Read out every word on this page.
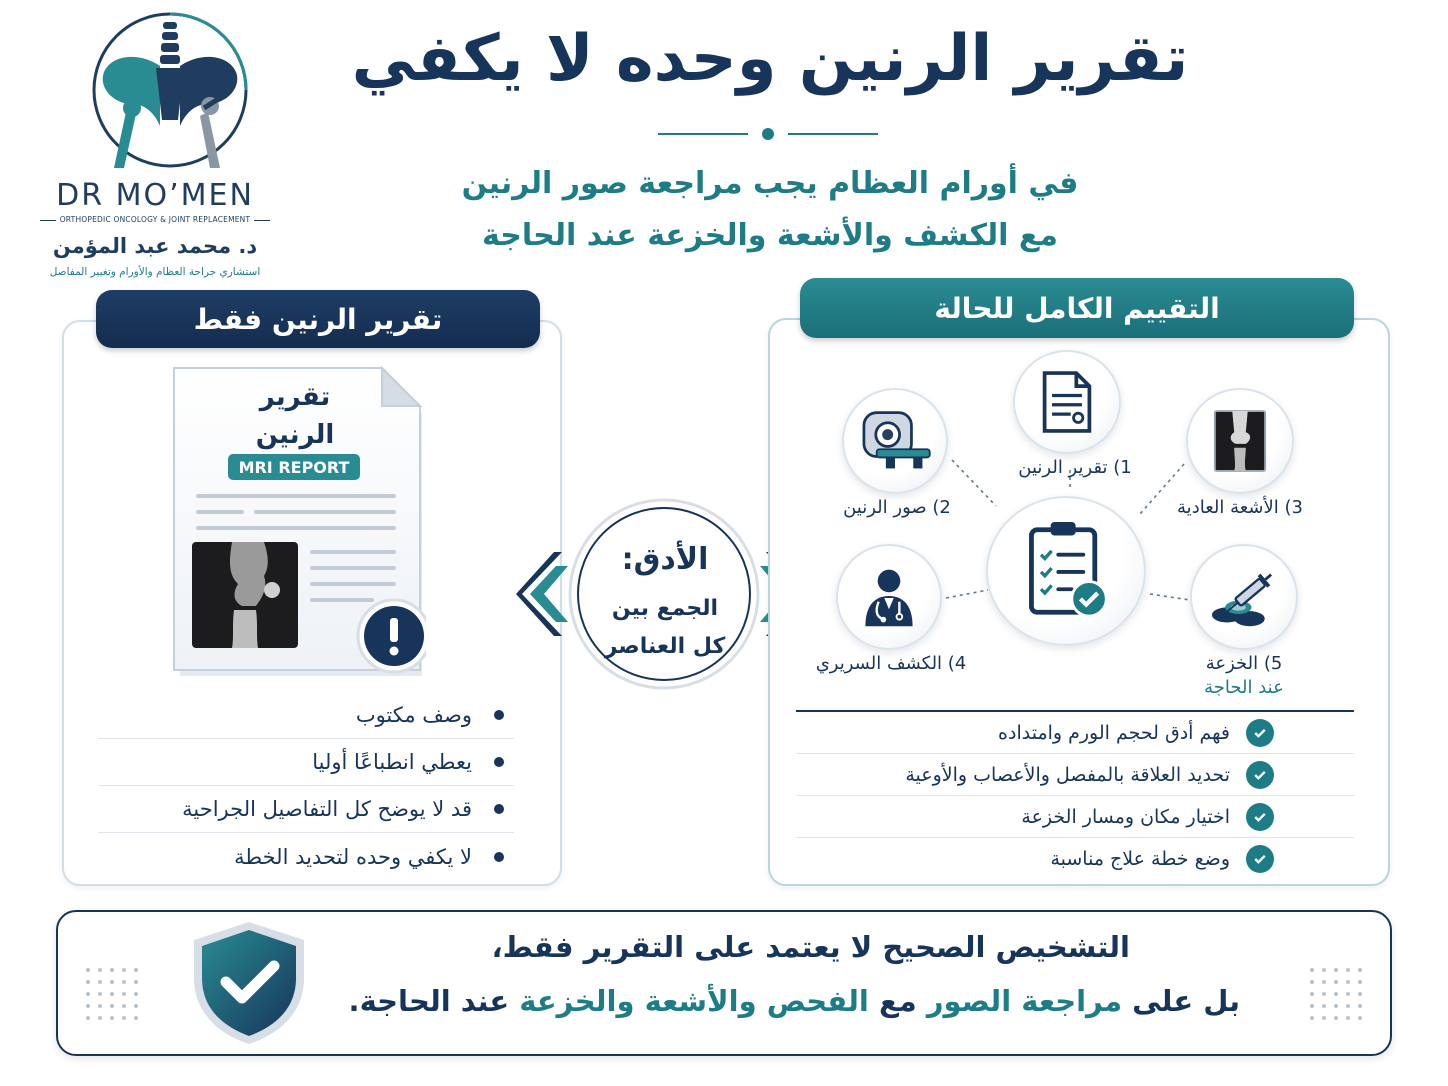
DR MO’MEN
ORTHOPEDIC ONCOLOGY & JOINT REPLACEMENT
د. محمد عبد المؤمن
استشاري جراحة العظام والأورام وتغيير المفاصل
تقرير الرنين وحده لا يكفي
في أورام العظام يجب مراجعة صور الرنين
مع الكشف والأشعة والخزعة عند الحاجة
تقرير الرنين فقط
تقرير
الرنين
MRI REPORT
وصف مكتوب
يعطي انطباعًا أوليا
قد لا يوضح كل التفاصيل الجراحية
لا يكفي وحده لتحديد الخطة
الأدق:
الجمع بين
كل العناصر
التقييم الكامل للحالة
1) تقرير الرنين
2) صور الرنين	3) الأشعة العادية
4) الكشف السريري	5) الخزعة
عند الحاجة
فهم أدق لحجم الورم وامتداده
تحديد العلاقة بالمفصل والأعصاب والأوعية
اختيار مكان ومسار الخزعة
وضع خطة علاج مناسبة
التشخيص الصحيح لا يعتمد على التقرير فقط،
بل على مراجعة الصور مع الفحص والأشعة والخزعة عند الحاجة.
